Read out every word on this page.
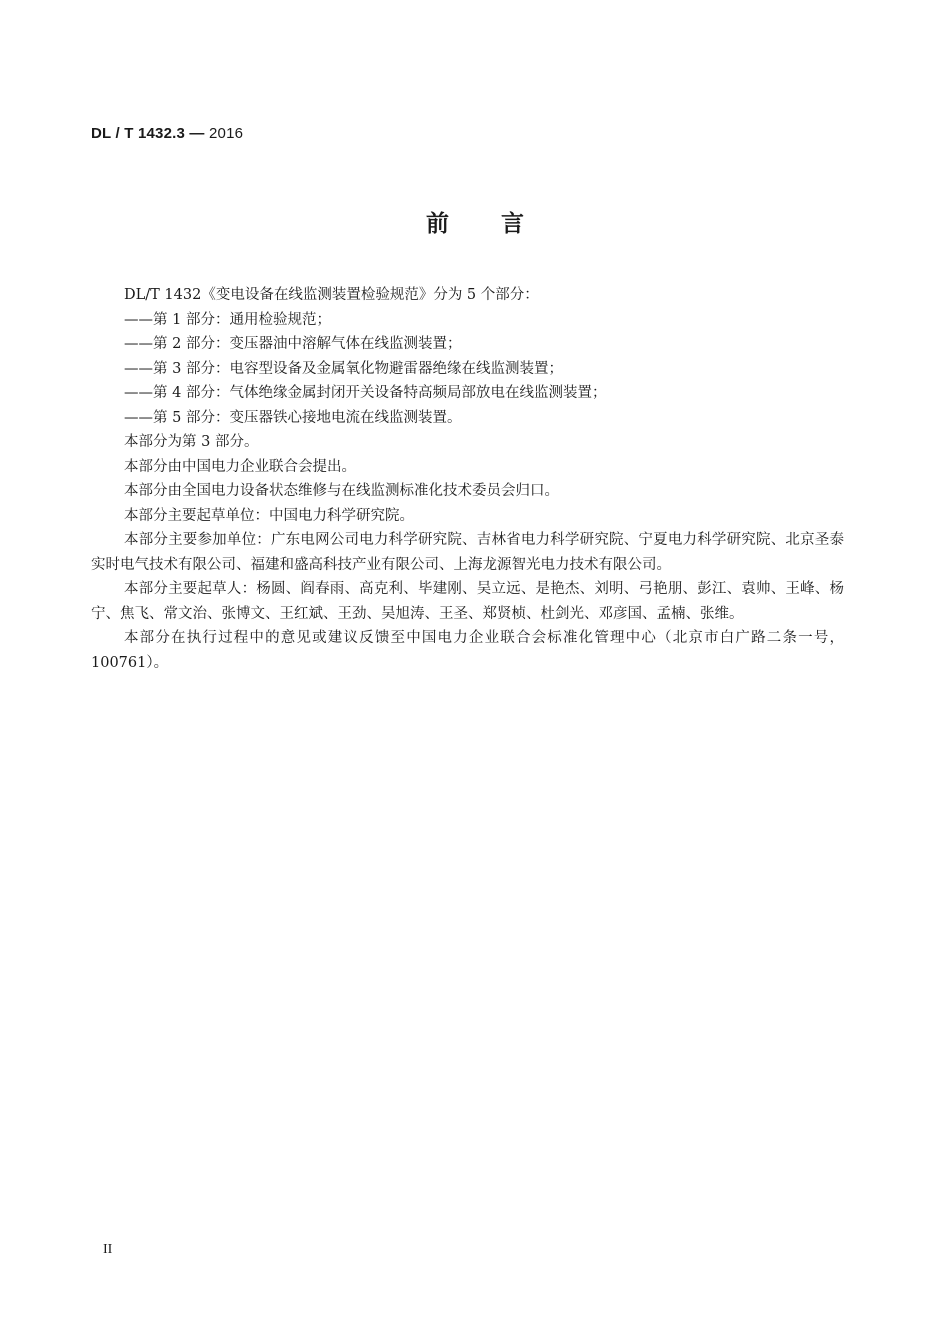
DL / T 1432.3 — 2016
前言

DL/T 1432《变电设备在线监测装置检验规范》分为 5 个部分：

——第 1 部分：通用检验规范；

——第 2 部分：变压器油中溶解气体在线监测装置；

——第 3 部分：电容型设备及金属氧化物避雷器绝缘在线监测装置；

——第 4 部分：气体绝缘金属封闭开关设备特高频局部放电在线监测装置；

——第 5 部分：变压器铁心接地电流在线监测装置。

本部分为第 3 部分。

本部分由中国电力企业联合会提出。

本部分由全国电力设备状态维修与在线监测标准化技术委员会归口。

本部分主要起草单位：中国电力科学研究院。

本部分主要参加单位：广东电网公司电力科学研究院、吉林省电力科学研究院、宁夏电力科学研究院、北京圣泰实时电气技术有限公司、福建和盛高科技产业有限公司、上海龙源智光电力技术有限公司。

本部分主要起草人：杨圆、阎春雨、高克利、毕建刚、吴立远、是艳杰、刘明、弓艳朋、彭江、袁帅、王峰、杨宁、焦飞、常文治、张博文、王红斌、王劲、吴旭涛、王圣、郑贤桢、杜剑光、邓彦国、孟楠、张维。

本部分在执行过程中的意见或建议反馈至中国电力企业联合会标准化管理中心（北京市白广路二条一号，100761）。

II
